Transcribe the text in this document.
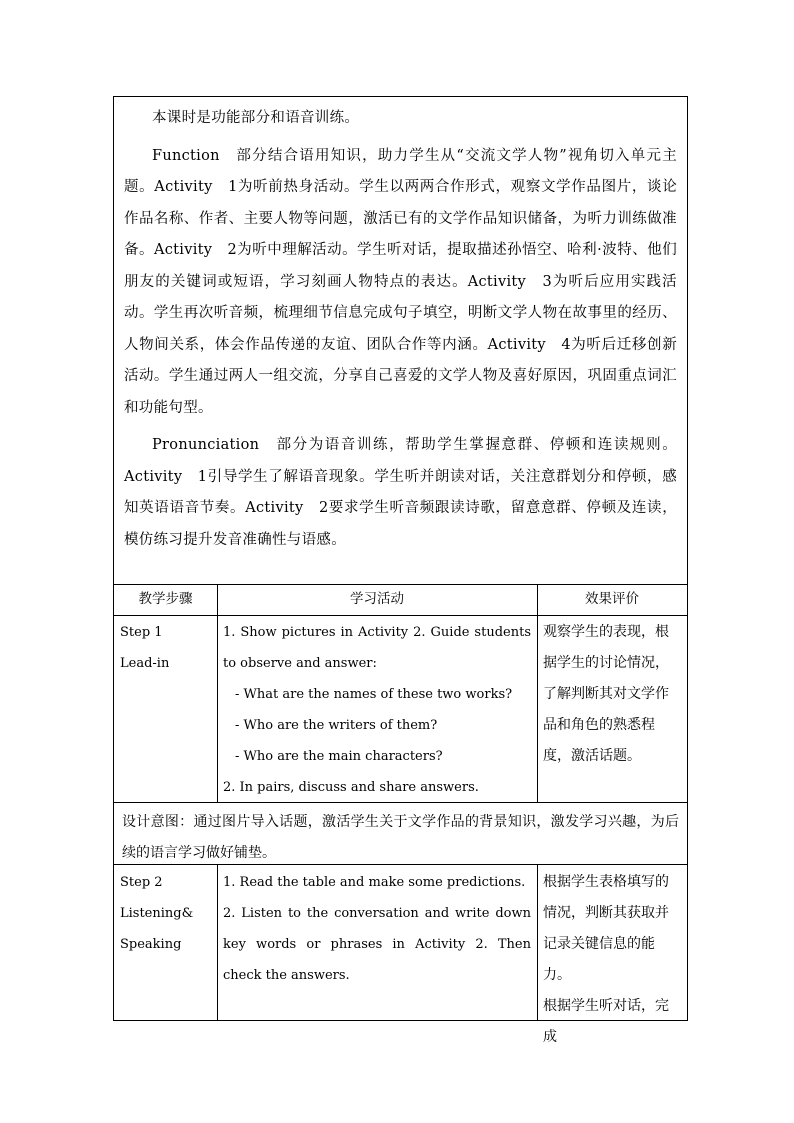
本课时是功能部分和语音训练。

Function　部分结合语用知识，助力学生从“交流文学人物”视角切入单元主题。Activity　1为听前热身活动。学生以两两合作形式，观察文学作品图片，谈论作品名称、作者、主要人物等问题，激活已有的文学作品知识储备，为听力训练做准备。Activity　2为听中理解活动。学生听对话，提取描述孙悟空、哈利·波特、他们朋友的关键词或短语，学习刻画人物特点的表达。Activity　3为听后应用实践活动。学生再次听音频，梳理细节信息完成句子填空，明断文学人物在故事里的经历、人物间关系，体会作品传递的友谊、团队合作等内涵。Activity　4为听后迁移创新活动。学生通过两人一组交流，分享自己喜爱的文学人物及喜好原因，巩固重点词汇和功能句型。

Pronunciation　部分为语音训练，帮助学生掌握意群、停顿和连读规则。Activity　1引导学生了解语音现象。学生听并朗读对话，关注意群划分和停顿，感知英语语音节奏。Activity　2要求学生听音频跟读诗歌，留意意群、停顿及连读，模仿练习提升发音准确性与语感。

教学步骤	学习活动	效果评价
Step 1
Lead-in
1. Show pictures in Activity 2. Guide students to observe and answer:
- What are the names of these two works?
- Who are the writers of them?
- Who are the main characters?
2. In pairs, discuss and share answers.
观察学生的表现，根据学生的讨论情况，了解判断其对文学作品和角色的熟悉程度，激活话题。
设计意图：通过图片导入话题，激活学生关于文学作品的背景知识，激发学习兴趣，为后续的语言学习做好铺垫。
Step 2
Listening&
Speaking
1. Read the table and make some predictions.
2. Listen to the conversation and write down key words or phrases in Activity 2. Then check the answers.
根据学生表格填写的情况，判断其获取并记录关键信息的能力。
根据学生听对话，完成
